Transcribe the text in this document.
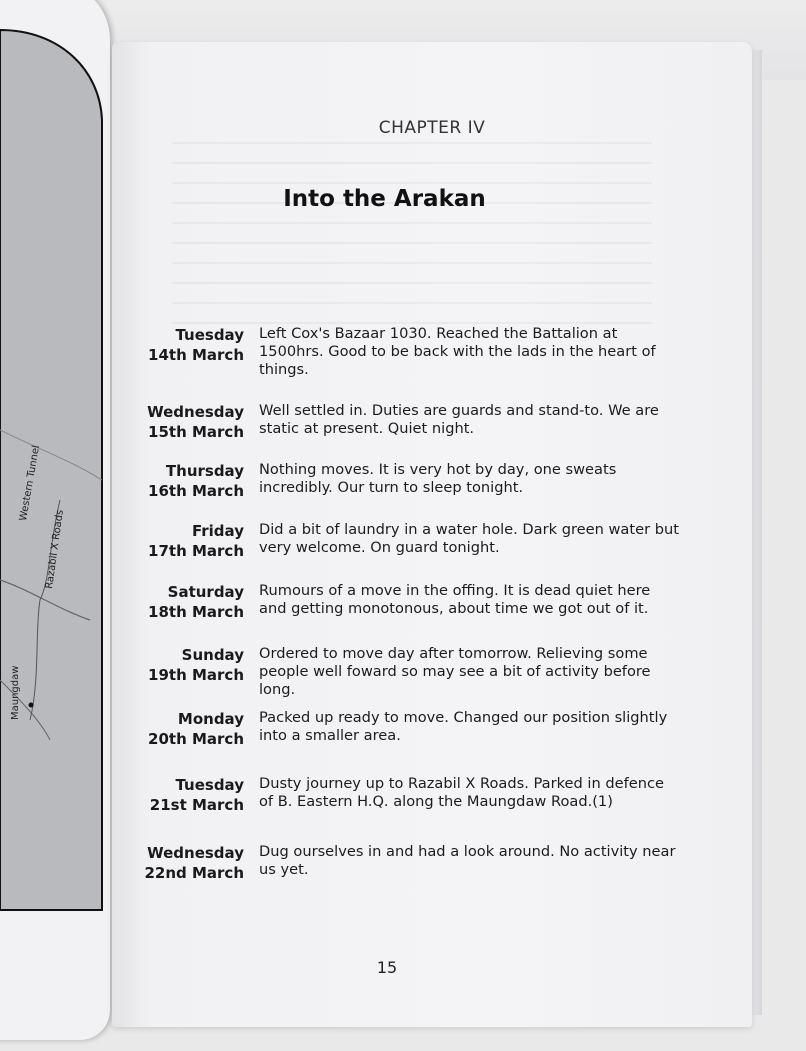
Western Tunnel
Razabil X Roads
Maungdaw
CHAPTER IV
Into the Arakan
Tuesday
14th March
Left Cox's Bazaar 1030. Reached the Battalion at 1500hrs. Good to be back with the lads in the heart of things.
Wednesday
15th March
Well settled in. Duties are guards and stand-to. We are static at present. Quiet night.
Thursday
16th March
Nothing moves. It is very hot by day, one sweats incredibly. Our turn to sleep tonight.
Friday
17th March
Did a bit of laundry in a water hole. Dark green water but very welcome. On guard tonight.
Saturday
18th March
Rumours of a move in the offing. It is dead quiet here and getting monotonous, about time we got out of it.
Sunday
19th March
Ordered to move day after tomorrow. Relieving some people well foward so may see a bit of activity before long.
Monday
20th March
Packed up ready to move. Changed our position slightly into a smaller area.
Tuesday
21st March
Dusty journey up to Razabil X Roads. Parked in defence of B. Eastern H.Q. along the Maungdaw Road.(1)
Wednesday
22nd March
Dug ourselves in and had a look around. No activity near us yet.
15
